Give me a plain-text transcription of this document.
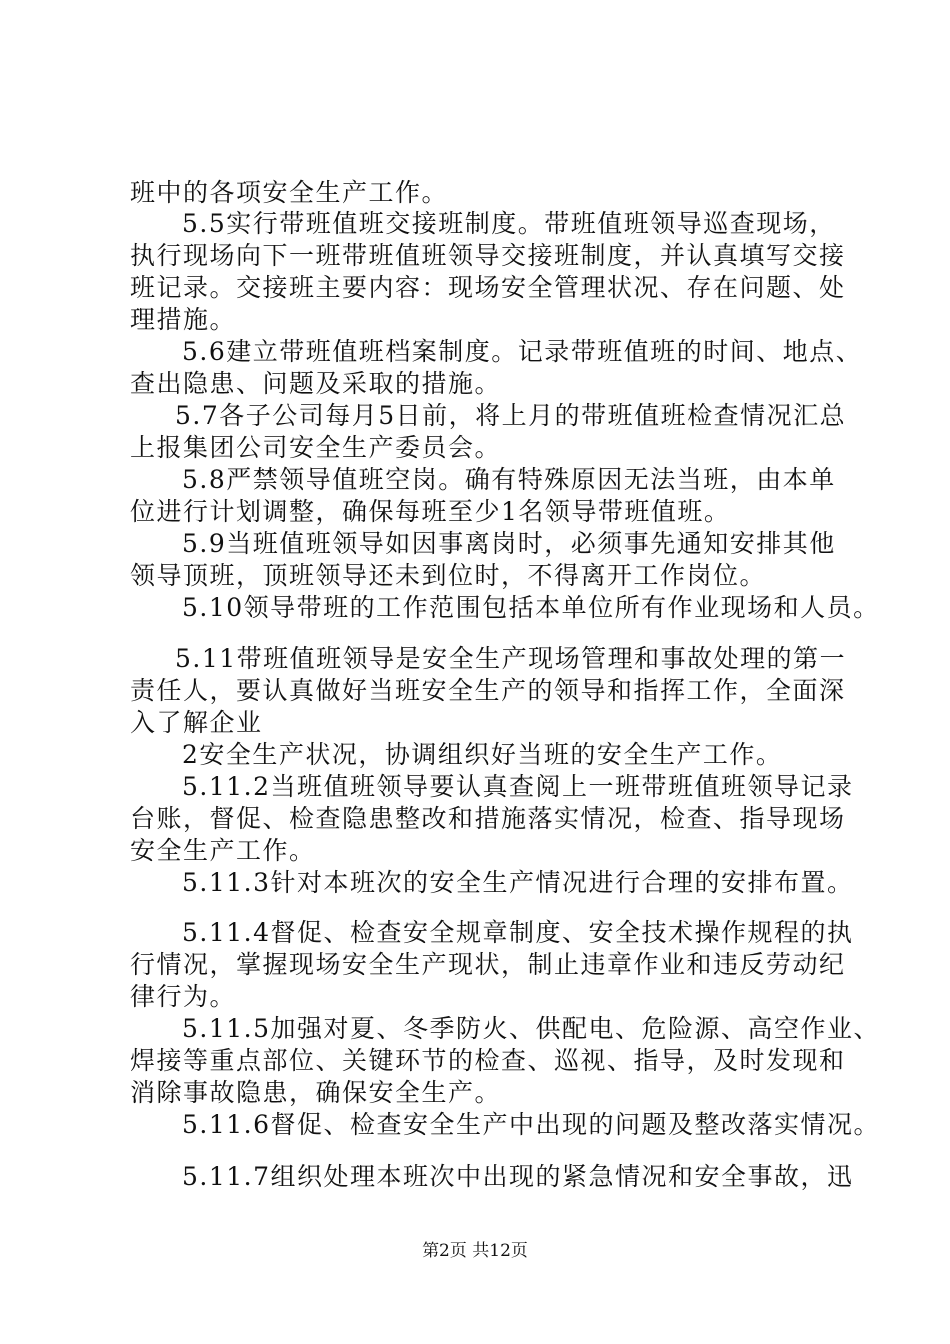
班中的各项安全生产工作。
5.5实行带班值班交接班制度。带班值班领导巡查现场，
执行现场向下一班带班值班领导交接班制度，并认真填写交接
班记录。交接班主要内容：现场安全管理状况、存在问题、处
理措施。
5.6建立带班值班档案制度。记录带班值班的时间、地点、
查出隐患、问题及采取的措施。
5.7各子公司每月5日前，将上月的带班值班检查情况汇总
上报集团公司安全生产委员会。
5.8严禁领导值班空岗。确有特殊原因无法当班，由本单
位进行计划调整，确保每班至少1名领导带班值班。
5.9当班值班领导如因事离岗时，必须事先通知安排其他
领导顶班，顶班领导还未到位时，不得离开工作岗位。
5.10领导带班的工作范围包括本单位所有作业现场和人员。
5.11带班值班领导是安全生产现场管理和事故处理的第一
责任人，要认真做好当班安全生产的领导和指挥工作，全面深
入了解企业
2安全生产状况，协调组织好当班的安全生产工作。
5.11.2当班值班领导要认真查阅上一班带班值班领导记录
台账，督促、检查隐患整改和措施落实情况，检查、指导现场
安全生产工作。
5.11.3针对本班次的安全生产情况进行合理的安排布置。
5.11.4督促、检查安全规章制度、安全技术操作规程的执
行情况，掌握现场安全生产现状，制止违章作业和违反劳动纪
律行为。
5.11.5加强对夏、冬季防火、供配电、危险源、高空作业、
焊接等重点部位、关键环节的检查、巡视、指导，及时发现和
消除事故隐患，确保安全生产。
5.11.6督促、检查安全生产中出现的问题及整改落实情况。
5.11.7组织处理本班次中出现的紧急情况和安全事故，迅
第2页 共12页
